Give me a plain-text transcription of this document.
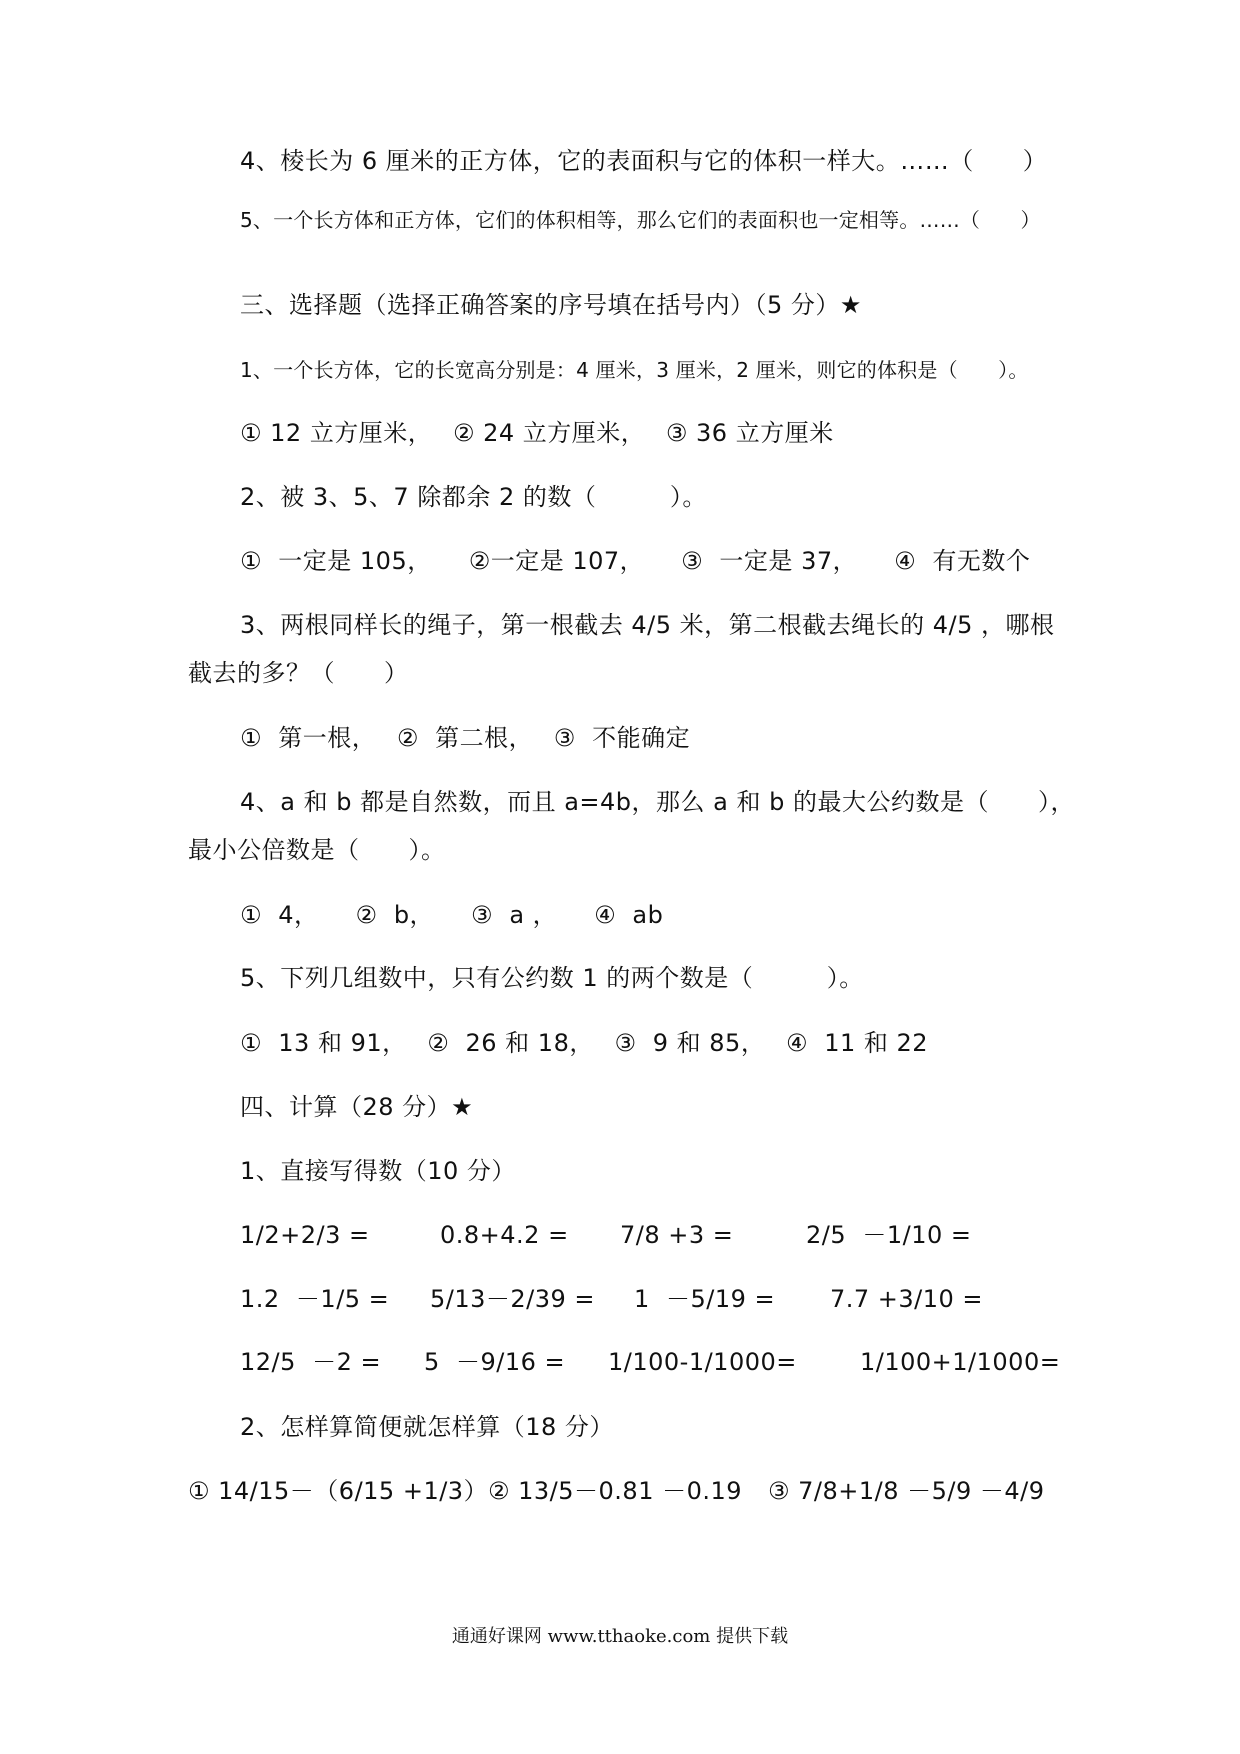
4、棱长为 6 厘米的正方体，它的表面积与它的体积一样大。……（　　）

5、一个长方体和正方体，它们的体积相等，那么它们的表面积也一定相等。……（　　）

三、选择题（选择正确答案的序号填在括号内）（5 分）★

1、一个长方体，它的长宽高分别是：4 厘米，3 厘米，2 厘米，则它的体积是（　　）。

① 12 立方厘米，　 ② 24 立方厘米，　 ③ 36 立方厘米

2、被 3、5、7 除都余 2 的数（　　　）。

①  一定是 105，　　②一定是 107，　　③  一定是 37，　　④  有无数个

3、两根同样长的绳子，第一根截去 4/5 米，第二根截去绳长的 4/5 ，哪根

截去的多？（　　）

①  第一根，　 ②  第二根，　 ③  不能确定

4、a 和 b 都是自然数，而且 a=4b，那么 a 和 b 的最大公约数是（　　），

最小公倍数是（　　）。

①  4，　　②  b，　　③  a ，　　④  ab

5、下列几组数中，只有公约数 1 的两个数是（　　　）。

①  13 和 91，　 ②  26 和 18，　 ③  9 和 85，　 ④  11 和 22

四、计算（28 分）★

1、直接写得数（10 分）

1/2+2/3 =	0.8+4.2 = 7/8 +3 =	2/5  －1/10 =

1.2  －1/5 = 5/13－2/39 = 1  －5/19 = 7.7 +3/10 =

12/5  －2 = 5  －9/16 = 1/100-1/1000=	1/100+1/1000=

2、怎样算简便就怎样算（18 分）

① 14/15－（6/15 +1/3） ② 13/5－0.81 －0.19 ③ 7/8+1/8 －5/9 －4/9

通通好课网 www.tthaoke.com 提供下载
